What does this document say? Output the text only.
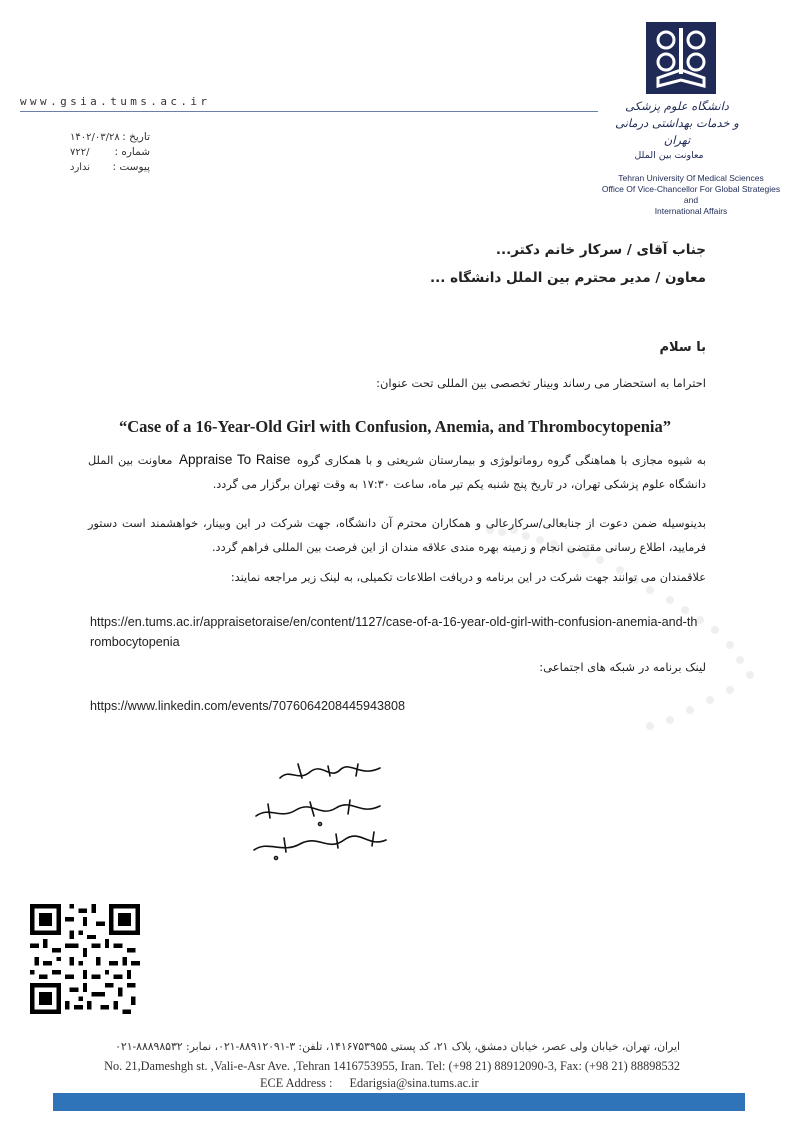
www.gsia.tums.ac.ir
تاریخ :
۱۴۰۲/۰۳/۲۸
شماره :
/۷۲۲
پیوست :
ندارد
دانشگاه علوم پزشکی
و خدمات بهداشتی درمانی تهران
معاونت بین الملل
Tehran University Of Medical Sciences
Office Of Vice-Chancellor For Global Strategies and
International Affairs
جناب آقای / سرکار خانم دکتر...
معاون / مدیر محترم بین الملل دانشگاه ...
با سلام
احتراما به استحضار می رساند وبینار تخصصی بین المللی تحت عنوان:
“Case of a 16-Year-Old Girl with Confusion, Anemia, and Thrombocytopenia”
به شیوه مجازی با هماهنگی گروه روماتولوژی و بیمارستان شریعتی و با همکاری گروه Appraise To Raise معاونت بین الملل دانشگاه علوم پزشکی تهران، در تاریخ پنج شنبه یکم تیر ماه، ساعت ۱۷:۳۰ به وقت تهران برگزار می گردد.
بدینوسیله ضمن دعوت از جنابعالی/سرکارعالی و همکاران محترم آن دانشگاه، جهت شرکت در این وبینار، خواهشمند است دستور فرمایید، اطلاع رسانی مقتضی انجام و زمینه بهره مندی علاقه مندان از این فرصت بین المللی فراهم گردد.
علاقمندان می توانند جهت شرکت در این برنامه و دریافت اطلاعات تکمیلی، به لینک زیر مراجعه نمایند:
https://en.tums.ac.ir/appraisetoraise/en/content/1127/case-of-a-16-year-old-girl-with-confusion-anemia-and-thrombocytopenia
لینک برنامه در شبکه های اجتماعی:
https://www.linkedin.com/events/7076064208445943808
ایران، تهران، خیابان ولی عصر، خیابان دمشق، پلاک ۲۱، کد پستی ۱۴۱۶۷۵۳۹۵۵، تلفن: ۳-۸۸۹۱۲۰۹۱-۰۲۱، نمابر: ۸۸۸۹۸۵۳۲-۰۲۱
No. 21,Dameshgh st. ,Vali-e-Asr Ave. ,Tehran 1416753955, Iran. Tel: (+98 21) 88912090-3, Fax: (+98 21) 88898532
ECE Address : Edarigsia@sina.tums.ac.ir
